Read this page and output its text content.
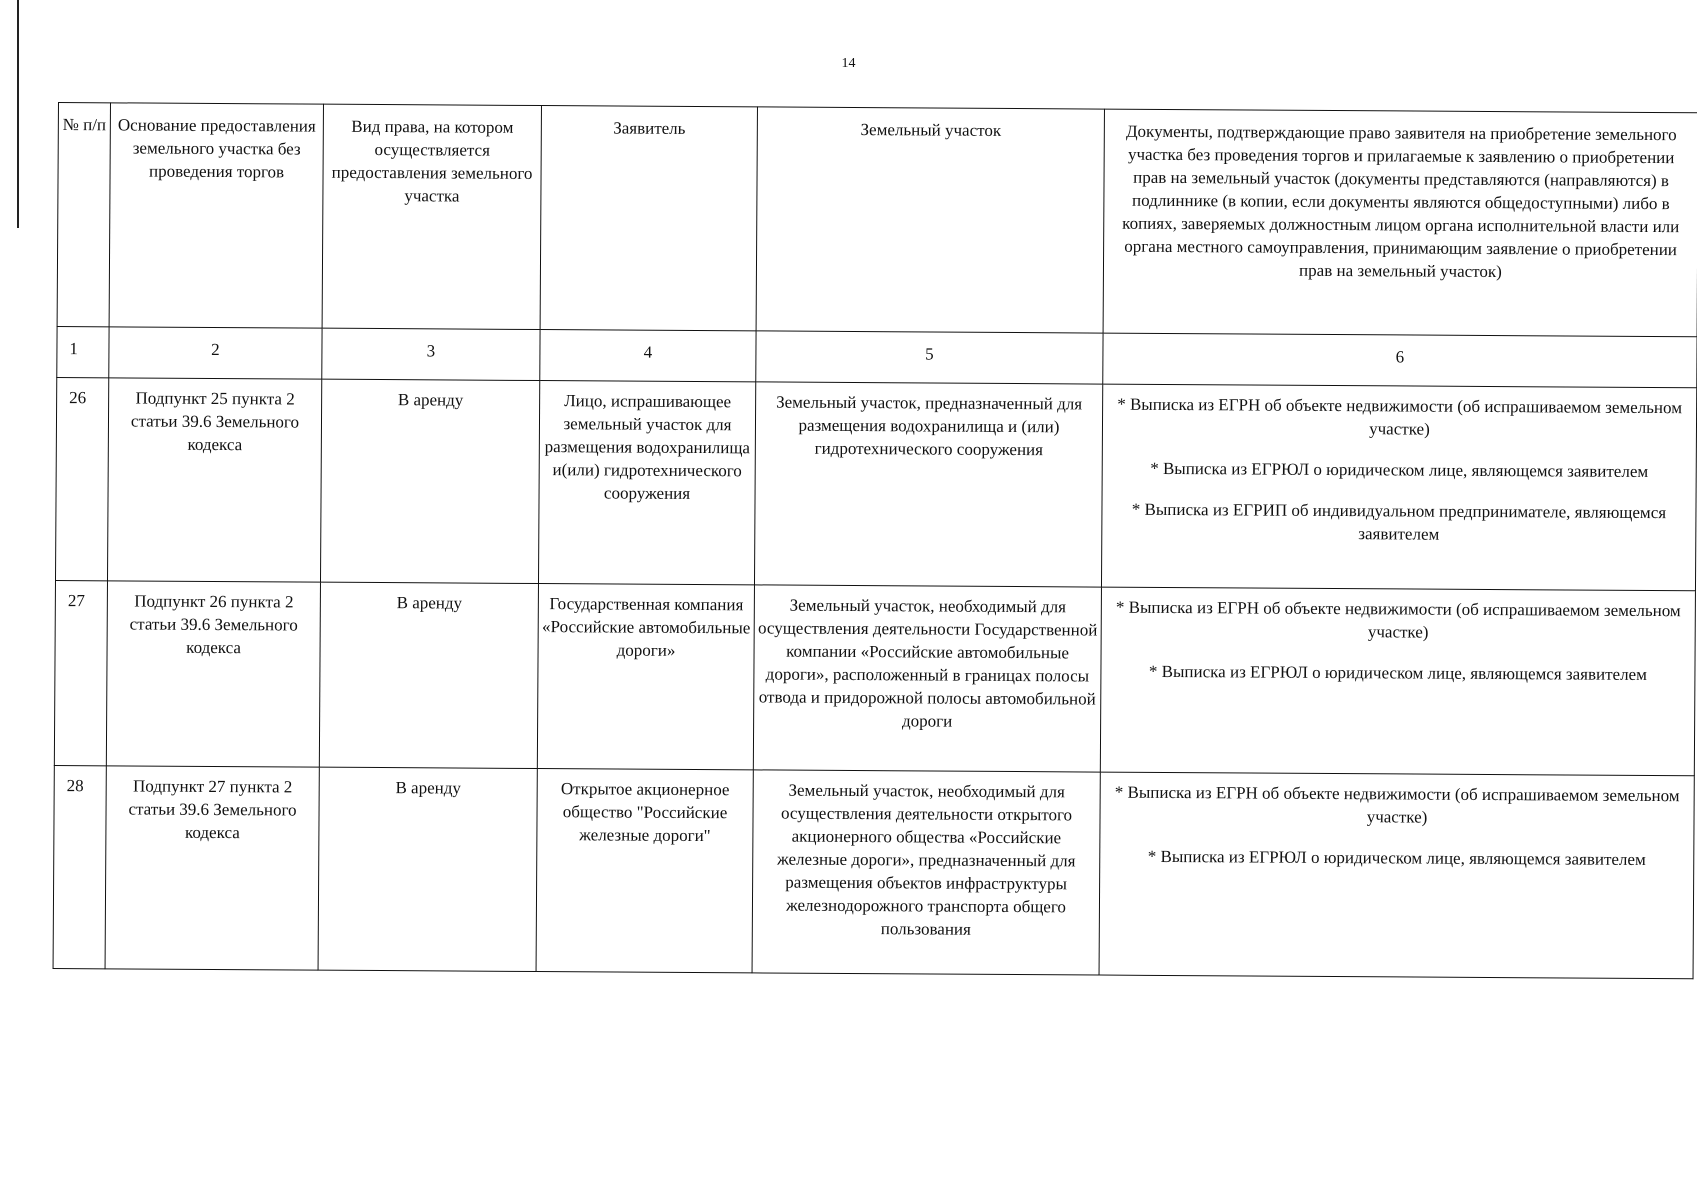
14
№ п/п	Основание предоставления земельного участка без проведения торгов	Вид права, на котором осуществляется предоставления земельного участка	Заявитель	Земельный участок	Документы, подтверждающие право заявителя на приобретение земельного участка без проведения торгов и прилагаемые к заявлению о приобретении прав на земельный участок (документы представляются (направляются) в подлиннике (в копии, если документы являются общедоступными) либо в копиях, заверяемых должностным лицом органа исполнительной власти или органа местного самоуправления, принимающим заявление о приобретении прав на земельный участок)
1	2	3	4	5	6
26	Подпункт 25 пункта 2 статьи 39.6 Земельного кодекса	В аренду	Лицо, испрашивающее земельный участок для размещения водохранилища и(или) гидротехнического сооружения	Земельный участок, предназначенный для размещения водохранилища и (или) гидротехнического сооружения	* Выписка из ЕГРН об объекте недвижимости (об испрашиваемом земельном участке)

* Выписка из ЕГРЮЛ о юридическом лице, являющемся заявителем

* Выписка из ЕГРИП об индивидуальном предпринимателе, являющемся заявителем

27	Подпункт 26 пункта 2 статьи 39.6 Земельного кодекса	В аренду	Государственная компания «Российские автомобильные дороги»	Земельный участок, необходимый для осуществления деятельности Государственной компании «Российские автомобильные дороги», расположенный в границах полосы отвода и придорожной полосы автомобильной дороги	* Выписка из ЕГРН об объекте недвижимости (об испрашиваемом земельном участке)

* Выписка из ЕГРЮЛ о юридическом лице, являющемся заявителем

28	Подпункт 27 пункта 2 статьи 39.6 Земельного кодекса	В аренду	Открытое акционерное общество "Российские железные дороги"	Земельный участок, необходимый для осуществления деятельности открытого акционерного общества «Российские железные дороги», предназначенный для размещения объектов инфраструктуры железнодорожного транспорта общего пользования	* Выписка из ЕГРН об объекте недвижимости (об испрашиваемом земельном участке)

* Выписка из ЕГРЮЛ о юридическом лице, являющемся заявителем
